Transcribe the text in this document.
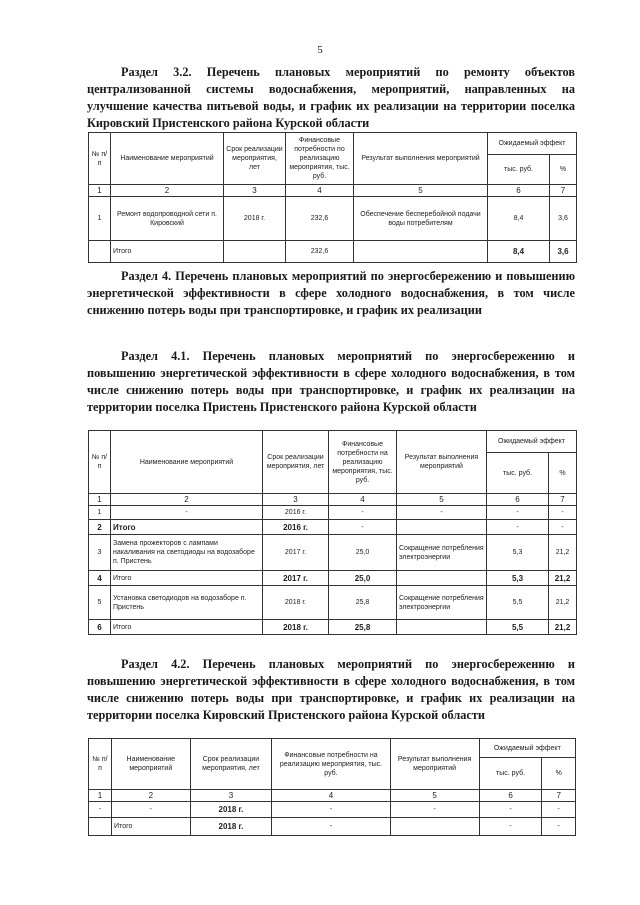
5

Раздел 3.2. Перечень плановых мероприятий по ремонту объектов централизованной системы водоснабжения, мероприятий, направленных на улучшение качества питьевой воды, и график их реализации на территории поселка Кировский Пристенского района Курской области

№ п/п	Наименование мероприятий	Срок реализации мероприятия, лет	Финансовые потребности по реализацию мероприятия, тыс. руб.	Результат выполнения мероприятий	Ожидаемый эффект	
					тыс. руб.	%
1	2	3	4	5	6	7
1	Ремонт водопроводной сети п. Кировский	2018 г.	232,6	Обеспечение бесперебойной подачи воды потребителям	8,4	3,6
	Итого		232,6		8,4	3,6

Раздел 4. Перечень плановых мероприятий по энергосбережению и повышению энергетической эффективности в сфере холодного водоснабжения, в том числе снижению потерь воды при транспортировке, и график их реализации

Раздел 4.1. Перечень плановых мероприятий по энергосбережению и повышению энергетической эффективности в сфере холодного водоснабжения, в том числе снижению потерь воды при транспортировке, и график их реализации на территории поселка Пристень Пристенского района Курской области

№ п/п	Наименование мероприятий	Срок реализации мероприятия, лет	Финансовые потребности на реализацию мероприятия, тыс. руб.	Результат выполнения мероприятий	Ожидаемый эффект	
					тыс. руб.	%
1	2	3	4	5	6	7
1	-	2016 г.	-	-	-	-
2	Итого	2016 г.	-		-	-
3	Замена прожекторов с лампами накаливания на светодиоды на водозаборе п. Пристень	2017 г.	25,0	Сокращение потребления электроэнергии	5,3	21,2
4	Итого	2017 г.	25,0		5,3	21,2
5	Установка светодиодов на водозаборе п. Пристень	2018 г.	25,8	Сокращение потребления электроэнергии	5,5	21,2
6	Итого	2018 г.	25,8		5,5	21,2

Раздел 4.2. Перечень плановых мероприятий по энергосбережению и повышению энергетической эффективности в сфере холодного водоснабжения, в том числе снижению потерь воды при транспортировке, и график их реализации на территории поселка Кировский Пристенского района Курской области

№ п/п	Наименование мероприятий	Срок реализации мероприятия, лет	Финансовые потребности на реализацию мероприятия, тыс. руб.	Результат выполнения мероприятий	Ожидаемый эффект	
					тыс. руб.	%
1	2	3	4	5	6	7
-	-	2018 г.	-	-	-	-
	Итого	2018 г.	-		-	-
